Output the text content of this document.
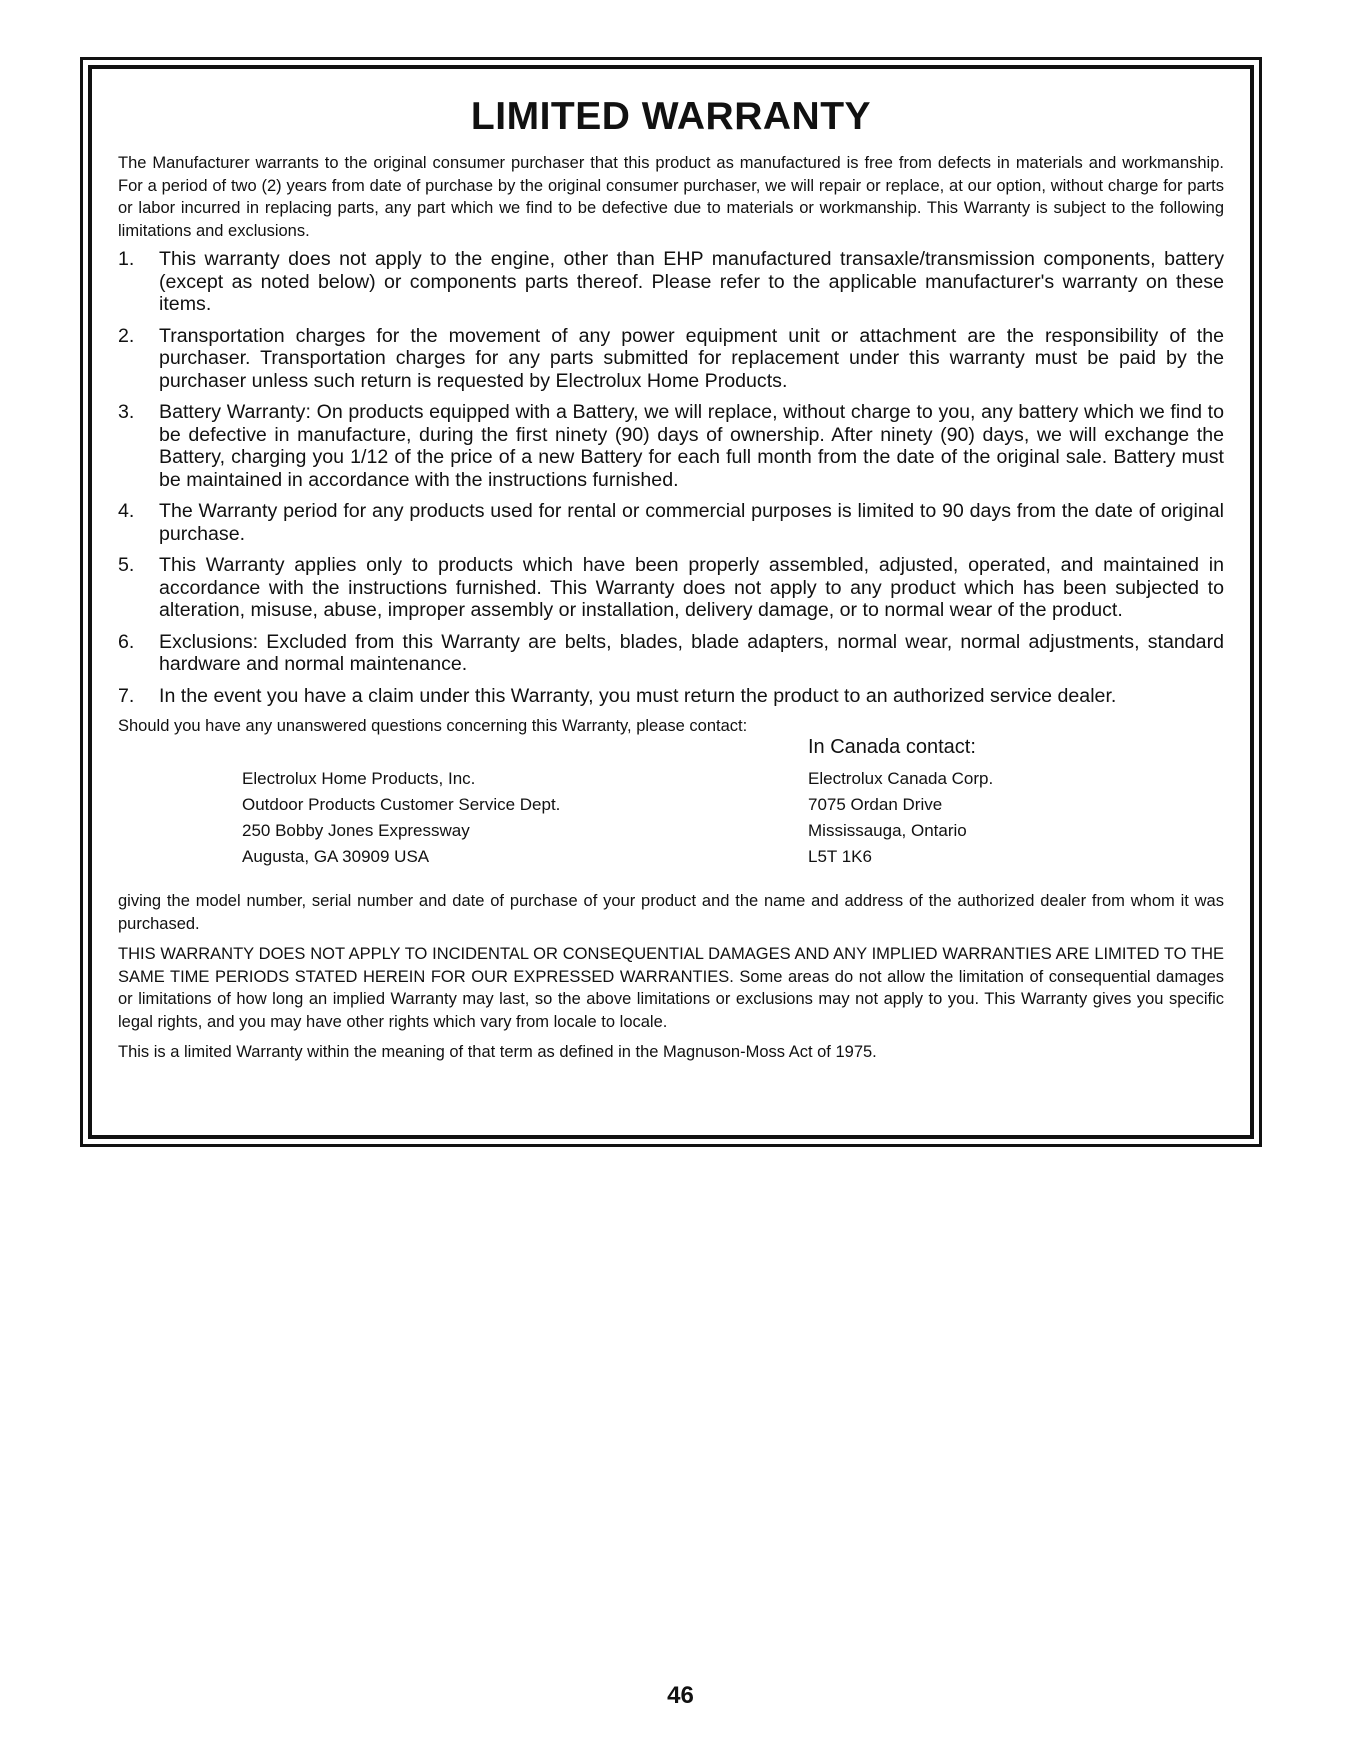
LIMITED WARRANTY

The Manufacturer warrants to the original consumer purchaser that this product as manufactured is free from defects in materials and workmanship. For a period of two (2) years from date of purchase by the original consumer purchaser, we will repair or replace, at our option, without charge for parts or labor incurred in replacing parts, any part which we find to be defective due to materials or workmanship. This Warranty is subject to the following limitations and exclusions.

1. This warranty does not apply to the engine, other than EHP manufactured transaxle/transmission components, battery (except as noted below) or components parts thereof. Please refer to the applicable manufacturer's warranty on these items.
2. Transportation charges for the movement of any power equipment unit or attachment are the responsibility of the purchaser. Transportation charges for any parts submitted for replacement under this warranty must be paid by the purchaser unless such return is requested by Electrolux Home Products.
3. Battery Warranty: On products equipped with a Battery, we will replace, without charge to you, any battery which we find to be defective in manufacture, during the first ninety (90) days of ownership. After ninety (90) days, we will exchange the Battery, charging you 1/12 of the price of a new Battery for each full month from the date of the original sale. Battery must be maintained in accordance with the instructions furnished.
4. The Warranty period for any products used for rental or commercial purposes is limited to 90 days from the date of original purchase.
5. This Warranty applies only to products which have been properly assembled, adjusted, operated, and maintained in accordance with the instructions furnished. This Warranty does not apply to any product which has been subjected to alteration, misuse, abuse, improper assembly or installation, delivery damage, or to normal wear of the product.
6. Exclusions: Excluded from this Warranty are belts, blades, blade adapters, normal wear, normal adjustments, standard hardware and normal maintenance.
7. In the event you have a claim under this Warranty, you must return the product to an authorized service dealer.
Should you have any unanswered questions concerning this Warranty, please contact:
In Canada contact:
Electrolux Home Products, Inc.
Outdoor Products Customer Service Dept.
250 Bobby Jones Expressway
Augusta, GA 30909 USA
Electrolux Canada Corp.
7075 Ordan Drive
Mississauga, Ontario
L5T 1K6

giving the model number, serial number and date of purchase of your product and the name and address of the authorized dealer from whom it was purchased.

THIS WARRANTY DOES NOT APPLY TO INCIDENTAL OR CONSEQUENTIAL DAMAGES AND ANY IMPLIED WARRANTIES ARE LIMITED TO THE SAME TIME PERIODS STATED HEREIN FOR OUR EXPRESSED WARRANTIES. Some areas do not allow the limitation of consequential damages or limitations of how long an implied Warranty may last, so the above limitations or exclusions may not apply to you. This Warranty gives you specific legal rights, and you may have other rights which vary from locale to locale.

This is a limited Warranty within the meaning of that term as defined in the Magnuson-Moss Act of 1975.

46
